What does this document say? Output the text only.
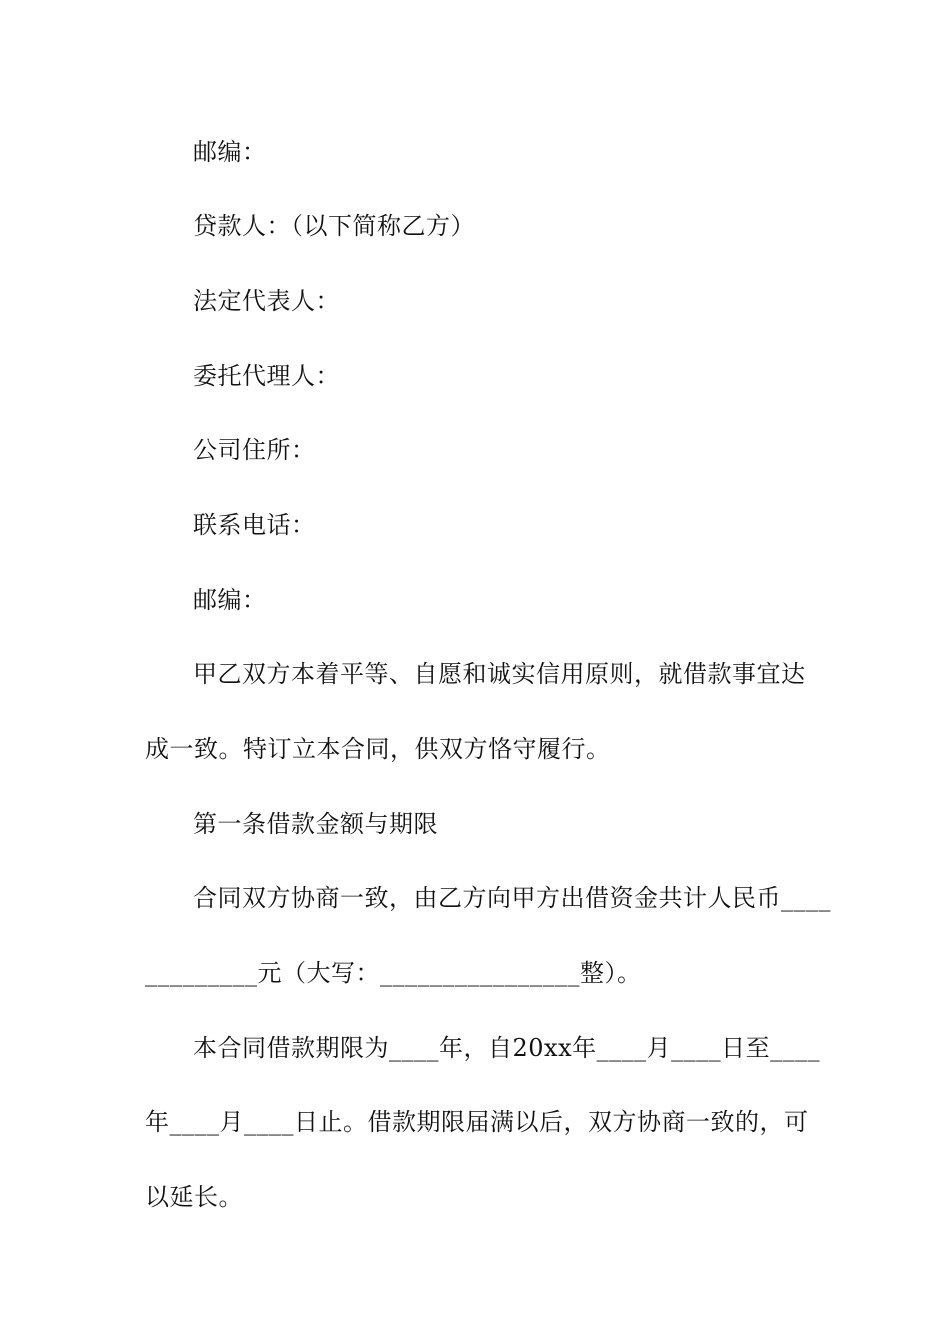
邮编：
贷款人：（以下简称乙方）
法定代表人：
委托代理人：
公司住所：
联系电话：
邮编：
甲乙双方本着平等、自愿和诚实信用原则，就借款事宜达
成一致。特订立本合同，供双方恪守履行。
第一条借款金额与期限
合同双方协商一致，由乙方向甲方出借资金共计人民币____
_________元（大写：________________整）。
本合同借款期限为____年，自20xx年____月____日至____
年____月____日止。借款期限届满以后，双方协商一致的，可
以延长。
